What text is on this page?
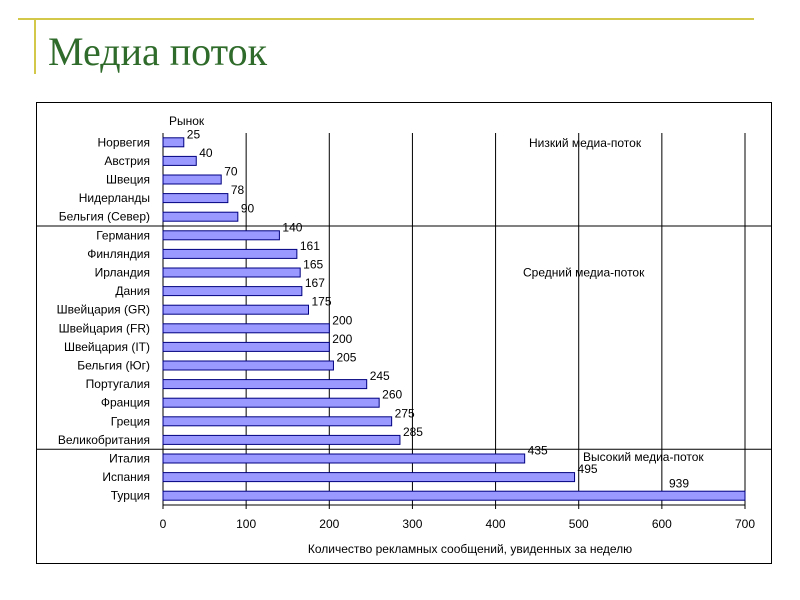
Медиа поток
0	100	200	300	400	500	600	700
Рынок
Количество рекламных сообщений, увиденных за неделю
Норвегия
25
Австрия
40
Швеция
70
Нидерланды
78
Бельгия (Север)
90
Германия
140
Финляндия
161
Ирландия
165
Дания
167
Швейцария (GR)
175
Швейцария (FR)
200
Швейцария (IT)
200
Бельгия (Юг)
205
Португалия
245
Франция
260
Греция
275
Великобритания
285
Италия
435
Испания
495
Турция
939
Низкий медиа-поток
Средний медиа-поток
Высокий медиа-поток
